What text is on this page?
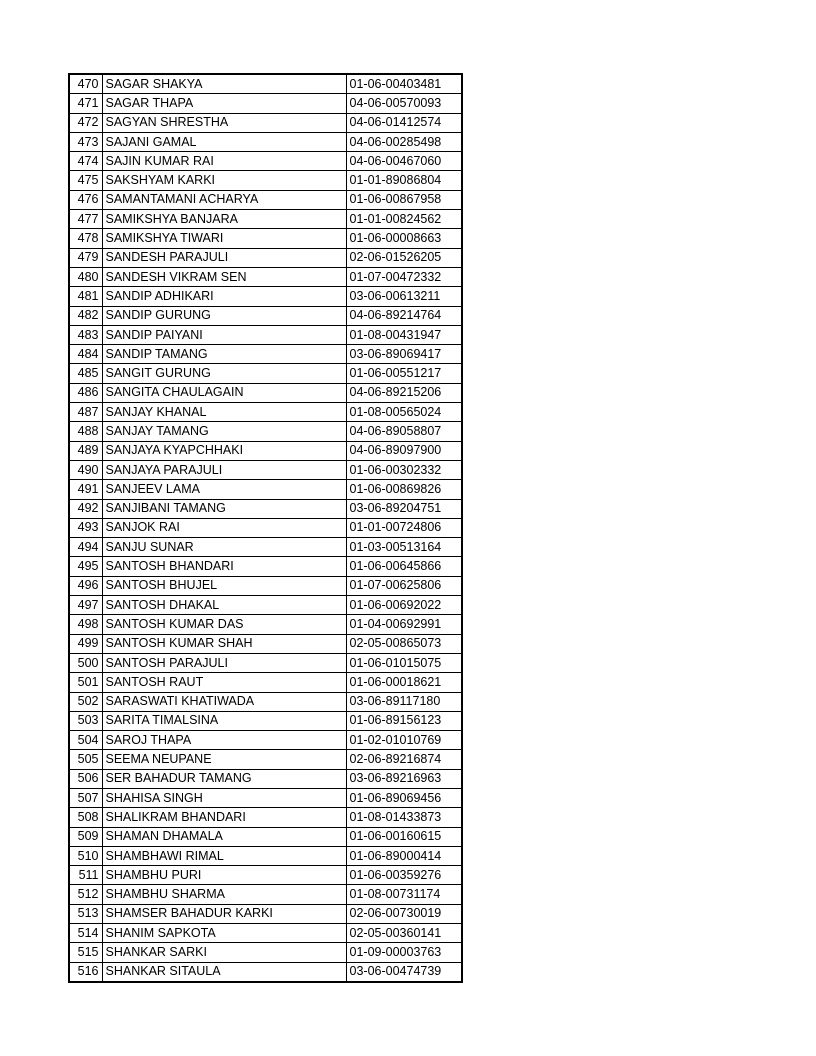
470	SAGAR SHAKYA	01-06-00403481
471	SAGAR THAPA	04-06-00570093
472	SAGYAN SHRESTHA	04-06-01412574
473	SAJANI GAMAL	04-06-00285498
474	SAJIN KUMAR RAI	04-06-00467060
475	SAKSHYAM KARKI	01-01-89086804
476	SAMANTAMANI ACHARYA	01-06-00867958
477	SAMIKSHYA BANJARA	01-01-00824562
478	SAMIKSHYA TIWARI	01-06-00008663
479	SANDESH PARAJULI	02-06-01526205
480	SANDESH VIKRAM SEN	01-07-00472332
481	SANDIP ADHIKARI	03-06-00613211
482	SANDIP GURUNG	04-06-89214764
483	SANDIP PAIYANI	01-08-00431947
484	SANDIP TAMANG	03-06-89069417
485	SANGIT GURUNG	01-06-00551217
486	SANGITA CHAULAGAIN	04-06-89215206
487	SANJAY KHANAL	01-08-00565024
488	SANJAY TAMANG	04-06-89058807
489	SANJAYA KYAPCHHAKI	04-06-89097900
490	SANJAYA PARAJULI	01-06-00302332
491	SANJEEV LAMA	01-06-00869826
492	SANJIBANI TAMANG	03-06-89204751
493	SANJOK RAI	01-01-00724806
494	SANJU SUNAR	01-03-00513164
495	SANTOSH BHANDARI	01-06-00645866
496	SANTOSH BHUJEL	01-07-00625806
497	SANTOSH DHAKAL	01-06-00692022
498	SANTOSH KUMAR DAS	01-04-00692991
499	SANTOSH KUMAR SHAH	02-05-00865073
500	SANTOSH PARAJULI	01-06-01015075
501	SANTOSH RAUT	01-06-00018621
502	SARASWATI KHATIWADA	03-06-89117180
503	SARITA TIMALSINA	01-06-89156123
504	SAROJ THAPA	01-02-01010769
505	SEEMA NEUPANE	02-06-89216874
506	SER BAHADUR TAMANG	03-06-89216963
507	SHAHISA SINGH	01-06-89069456
508	SHALIKRAM BHANDARI	01-08-01433873
509	SHAMAN DHAMALA	01-06-00160615
510	SHAMBHAWI RIMAL	01-06-89000414
511	SHAMBHU PURI	01-06-00359276
512	SHAMBHU SHARMA	01-08-00731174
513	SHAMSER BAHADUR KARKI	02-06-00730019
514	SHANIM SAPKOTA	02-05-00360141
515	SHANKAR SARKI	01-09-00003763
516	SHANKAR SITAULA	03-06-00474739
